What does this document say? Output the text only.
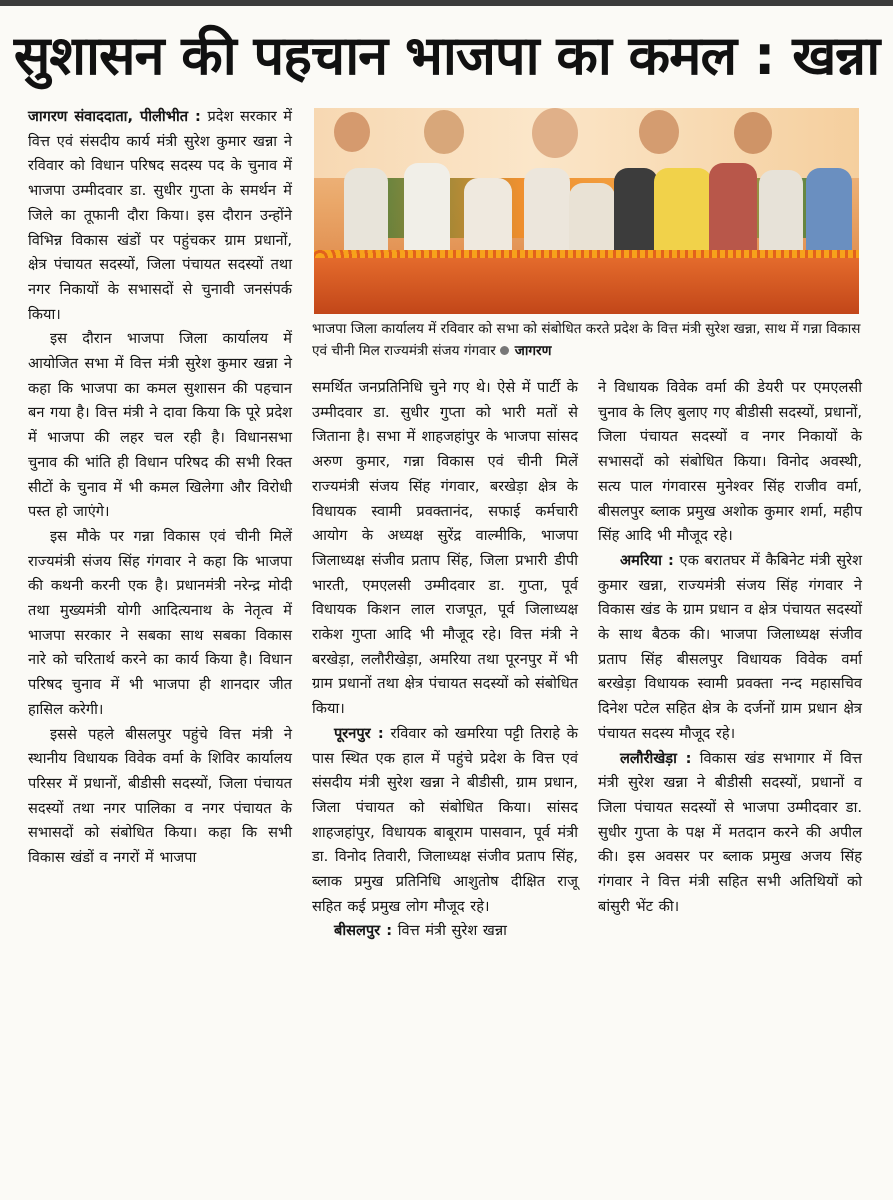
सुशासन की पहचान भाजपा का कमल : खन्ना
भाजपा जिला कार्यालय में रविवार को सभा को संबोधित करते प्रदेश के वित्त मंत्री सुरेश खन्ना, साथ में गन्ना विकास एवं चीनी मिल राज्यमंत्री संजय गंगवार जागरण

जागरण संवाददाता, पीलीभीत : प्रदेश सरकार में वित्त एवं संसदीय कार्य मंत्री सुरेश कुमार खन्ना ने रविवार को विधान परिषद सदस्य पद के चुनाव में भाजपा उम्मीदवार डा. सुधीर गुप्ता के समर्थन में जिले का तूफानी दौरा किया। इस दौरान उन्होंने विभिन्न विकास खंडों पर पहुंचकर ग्राम प्रधानों, क्षेत्र पंचायत सदस्यों, जिला पंचायत सदस्यों तथा नगर निकायों के सभासदों से चुनावी जनसंपर्क किया।

इस दौरान भाजपा जिला कार्यालय में आयोजित सभा में वित्त मंत्री सुरेश कुमार खन्ना ने कहा कि भाजपा का कमल सुशासन की पहचान बन गया है। वित्त मंत्री ने दावा किया कि पूरे प्रदेश में भाजपा की लहर चल रही है। विधानसभा चुनाव की भांति ही विधान परिषद की सभी रिक्त सीटों के चुनाव में भी कमल खिलेगा और विरोधी पस्त हो जाएंगे।

इस मौके पर गन्ना विकास एवं चीनी मिलें राज्यमंत्री संजय सिंह गंगवार ने कहा कि भाजपा की कथनी करनी एक है। प्रधानमंत्री नरेन्द्र मोदी तथा मुख्यमंत्री योगी आदित्यनाथ के नेतृत्व में भाजपा सरकार ने सबका साथ सबका विकास नारे को चरितार्थ करने का कार्य किया है। विधान परिषद चुनाव में भी भाजपा ही शानदार जीत हासिल करेगी।

इससे पहले बीसलपुर पहुंचे वित्त मंत्री ने स्थानीय विधायक विवेक वर्मा के शिविर कार्यालय परिसर में प्रधानों, बीडीसी सदस्यों, जिला पंचायत सदस्यों तथा नगर पालिका व नगर पंचायत के सभासदों को संबोधित किया। कहा कि सभी विकास खंडों व नगरों में भाजपा

समर्थित जनप्रतिनिधि चुने गए थे। ऐसे में पार्टी के उम्मीदवार डा. सुधीर गुप्ता को भारी मतों से जिताना है। सभा में शाहजहांपुर के भाजपा सांसद अरुण कुमार, गन्ना विकास एवं चीनी मिलें राज्यमंत्री संजय सिंह गंगवार, बरखेड़ा क्षेत्र के विधायक स्वामी प्रवक्तानंद, सफाई कर्मचारी आयोग के अध्यक्ष सुरेंद्र वाल्मीकि, भाजपा जिलाध्यक्ष संजीव प्रताप सिंह, जिला प्रभारी डीपी भारती, एमएलसी उम्मीदवार डा. गुप्ता, पूर्व विधायक किशन लाल राजपूत, पूर्व जिलाध्यक्ष राकेश गुप्ता आदि भी मौजूद रहे। वित्त मंत्री ने बरखेड़ा, ललौरीखेड़ा, अमरिया तथा पूरनपुर में भी ग्राम प्रधानों तथा क्षेत्र पंचायत सदस्यों को संबोधित किया।

पूरनपुर : रविवार को खमरिया पट्टी तिराहे के पास स्थित एक हाल में पहुंचे प्रदेश के वित्त एवं संसदीय मंत्री सुरेश खन्ना ने बीडीसी, ग्राम प्रधान, जिला पंचायत को संबोधित किया। सांसद शाहजहांपुर, विधायक बाबूराम पासवान, पूर्व मंत्री डा. विनोद तिवारी, जिलाध्यक्ष संजीव प्रताप सिंह, ब्लाक प्रमुख प्रतिनिधि आशुतोष दीक्षित राजू सहित कई प्रमुख लोग मौजूद रहे।

बीसलपुर : वित्त मंत्री सुरेश खन्ना

ने विधायक विवेक वर्मा की डेयरी पर एमएलसी चुनाव के लिए बुलाए गए बीडीसी सदस्यों, प्रधानों, जिला पंचायत सदस्यों व नगर निकायों के सभासदों को संबोधित किया। विनोद अवस्थी, सत्य पाल गंगवारस मुनेश्वर सिंह राजीव वर्मा, बीसलपुर ब्लाक प्रमुख अशोक कुमार शर्मा, महीप सिंह आदि भी मौजूद रहे।

अमरिया : एक बरातघर में कैबिनेट मंत्री सुरेश कुमार खन्ना, राज्यमंत्री संजय सिंह गंगवार ने विकास खंड के ग्राम प्रधान व क्षेत्र पंचायत सदस्यों के साथ बैठक की। भाजपा जिलाध्यक्ष संजीव प्रताप सिंह बीसलपुर विधायक विवेक वर्मा बरखेड़ा विधायक स्वामी प्रवक्ता नन्द महासचिव दिनेश पटेल सहित क्षेत्र के दर्जनों ग्राम प्रधान क्षेत्र पंचायत सदस्य मौजूद रहे।

ललौरीखेड़ा : विकास खंड सभागार में वित्त मंत्री सुरेश खन्ना ने बीडीसी सदस्यों, प्रधानों व जिला पंचायत सदस्यों से भाजपा उम्मीदवार डा. सुधीर गुप्ता के पक्ष में मतदान करने की अपील की। इस अवसर पर ब्लाक प्रमुख अजय सिंह गंगवार ने वित्त मंत्री सहित सभी अतिथियों को बांसुरी भेंट की।
